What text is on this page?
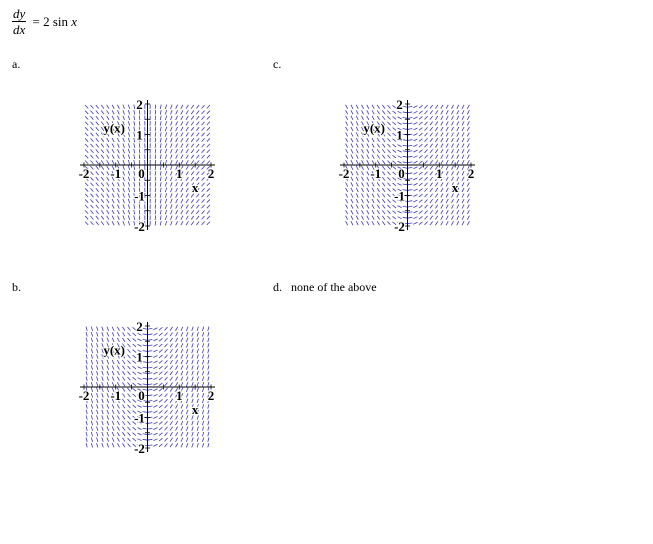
$\frac{dy}{dx} = 2$ sin x
a.	c.
b.	d. none of the above
-2 -1 0 1 2
2
1
-1
-2
x
y(x)
-2 -1 0 1 2
2
1
-1
-2
x
y(x)
-2 -1 0 1 2
2
1
-1
-2
x
y(x)
